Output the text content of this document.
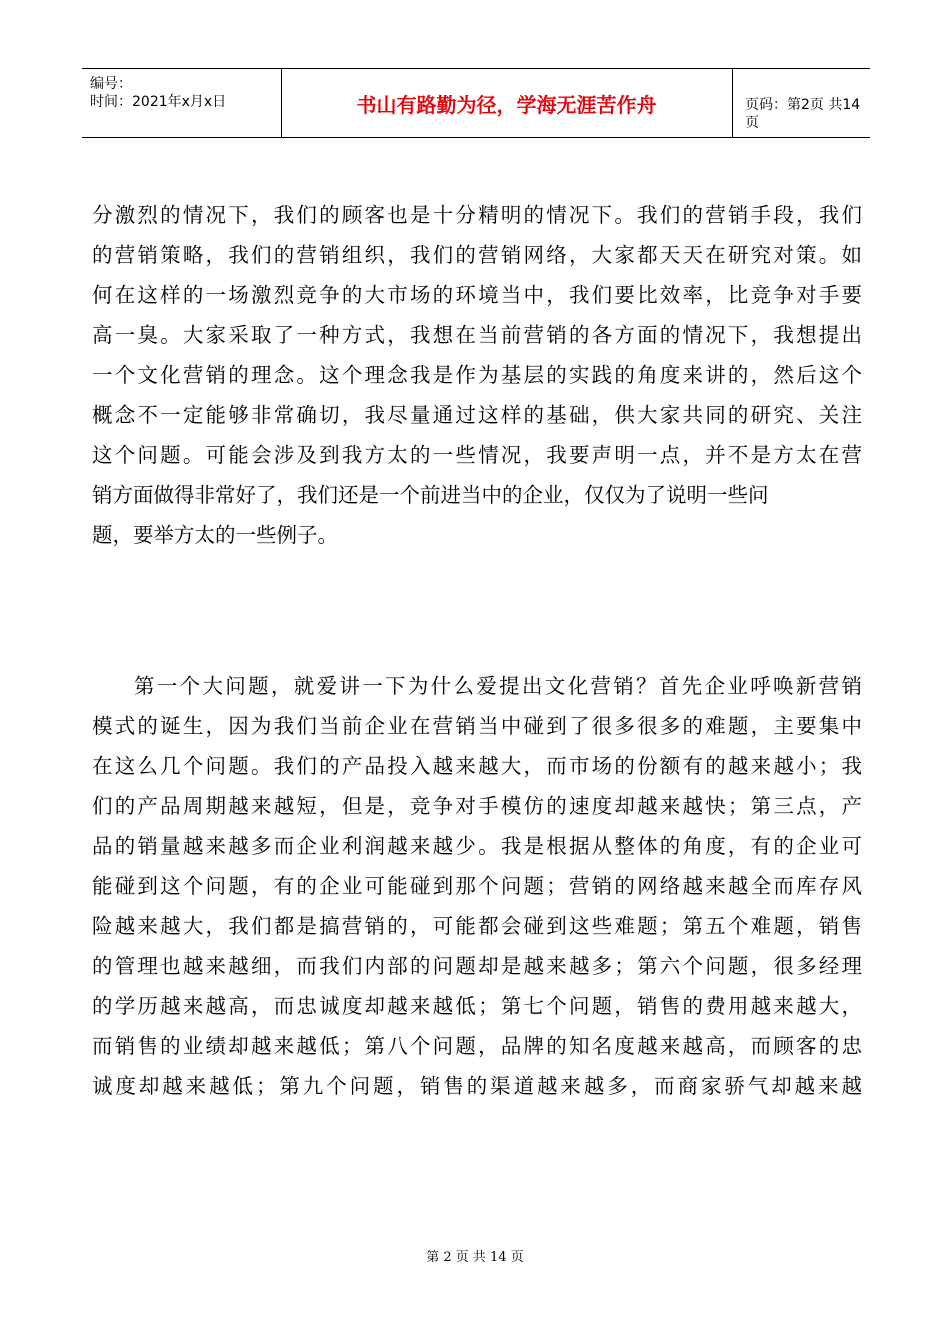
编号：
时间：2021年x月x日	书山有路勤为径，学海无涯苦作舟	页码：第2页 共14页
分激烈的情况下，我们的顾客也是十分精明的情况下。我们的营销手段，我们
的营销策略，我们的营销组织，我们的营销网络，大家都天天在研究对策。如
何在这样的一场激烈竞争的大市场的环境当中，我们要比效率，比竞争对手要
高一臭。大家采取了一种方式，我想在当前营销的各方面的情况下，我想提出
一个文化营销的理念。这个理念我是作为基层的实践的角度来讲的，然后这个
概念不一定能够非常确切，我尽量通过这样的基础，供大家共同的研究、关注
这个问题。可能会涉及到我方太的一些情况，我要声明一点，并不是方太在营
销方面做得非常好了，我们还是一个前进当中的企业，仅仅为了说明一些问
题，要举方太的一些例子。
第一个大问题，就爱讲一下为什么爱提出文化营销？首先企业呼唤新营销
模式的诞生，因为我们当前企业在营销当中碰到了很多很多的难题，主要集中
在这么几个问题。我们的产品投入越来越大，而市场的份额有的越来越小；我
们的产品周期越来越短，但是，竞争对手模仿的速度却越来越快；第三点，产
品的销量越来越多而企业利润越来越少。我是根据从整体的角度，有的企业可
能碰到这个问题，有的企业可能碰到那个问题；营销的网络越来越全而库存风
险越来越大，我们都是搞营销的，可能都会碰到这些难题；第五个难题，销售
的管理也越来越细，而我们内部的问题却是越来越多；第六个问题，很多经理
的学历越来越高，而忠诚度却越来越低；第七个问题，销售的费用越来越大，
而销售的业绩却越来越低；第八个问题，品牌的知名度越来越高，而顾客的忠
诚度却越来越低；第九个问题，销售的渠道越来越多，而商家骄气却越来越
第 2 页 共 14 页
